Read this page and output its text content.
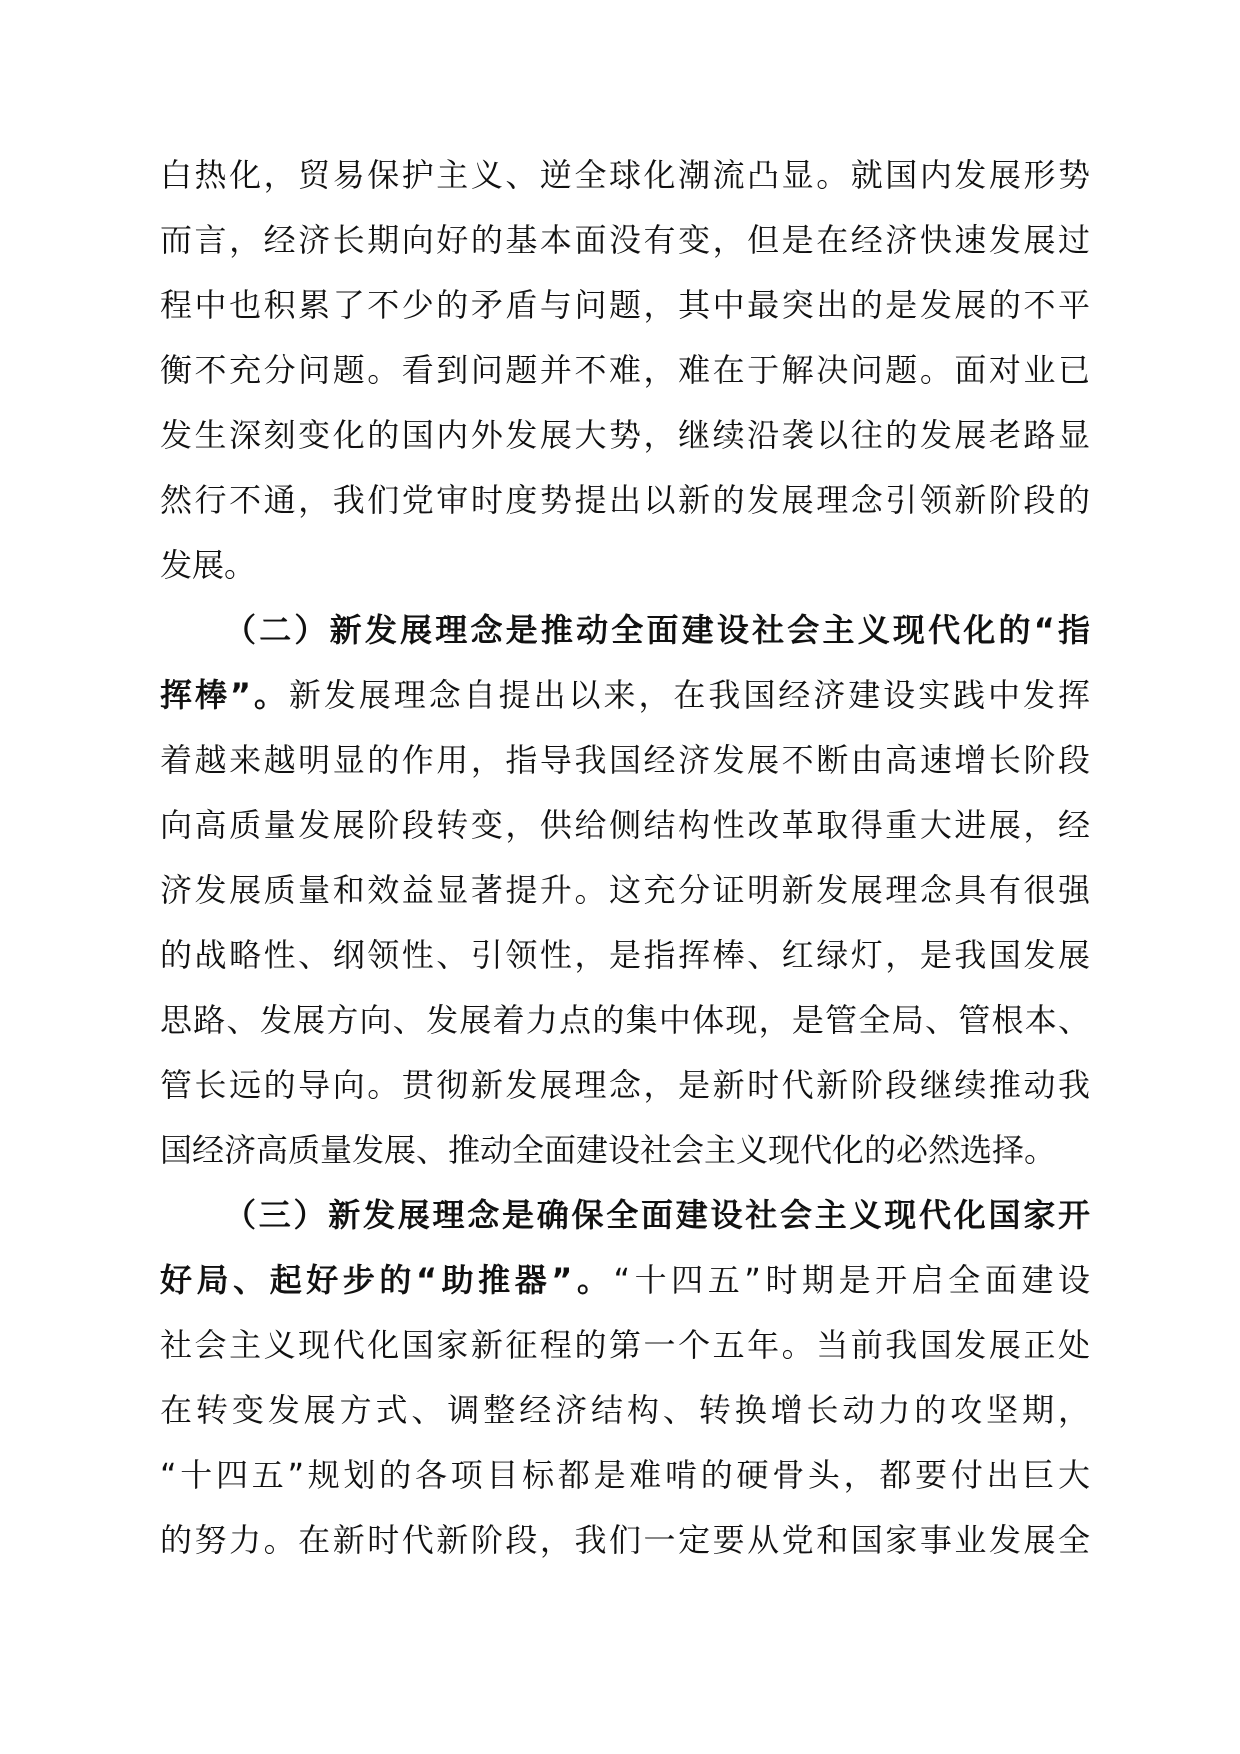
白热化，贸易保护主义、逆全球化潮流凸显。就国内发展形势
而言，经济长期向好的基本面没有变，但是在经济快速发展过
程中也积累了不少的矛盾与问题，其中最突出的是发展的不平
衡不充分问题。看到问题并不难，难在于解决问题。面对业已
发生深刻变化的国内外发展大势，继续沿袭以往的发展老路显
然行不通，我们党审时度势提出以新的发展理念引领新阶段的
发展。
（二）新发展理念是推动全面建设社会主义现代化的“指
挥棒”。新发展理念自提出以来，在我国经济建设实践中发挥
着越来越明显的作用，指导我国经济发展不断由高速增长阶段
向高质量发展阶段转变，供给侧结构性改革取得重大进展，经
济发展质量和效益显著提升。这充分证明新发展理念具有很强
的战略性、纲领性、引领性，是指挥棒、红绿灯，是我国发展
思路、发展方向、发展着力点的集中体现，是管全局、管根本、
管长远的导向。贯彻新发展理念，是新时代新阶段继续推动我
国经济高质量发展、推动全面建设社会主义现代化的必然选择。
（三）新发展理念是确保全面建设社会主义现代化国家开
好局、起好步的“助推器”。“十四五”时期是开启全面建设
社会主义现代化国家新征程的第一个五年。当前我国发展正处
在转变发展方式、调整经济结构、转换增长动力的攻坚期，
“十四五”规划的各项目标都是难啃的硬骨头，都要付出巨大
的努力。在新时代新阶段，我们一定要从党和国家事业发展全
